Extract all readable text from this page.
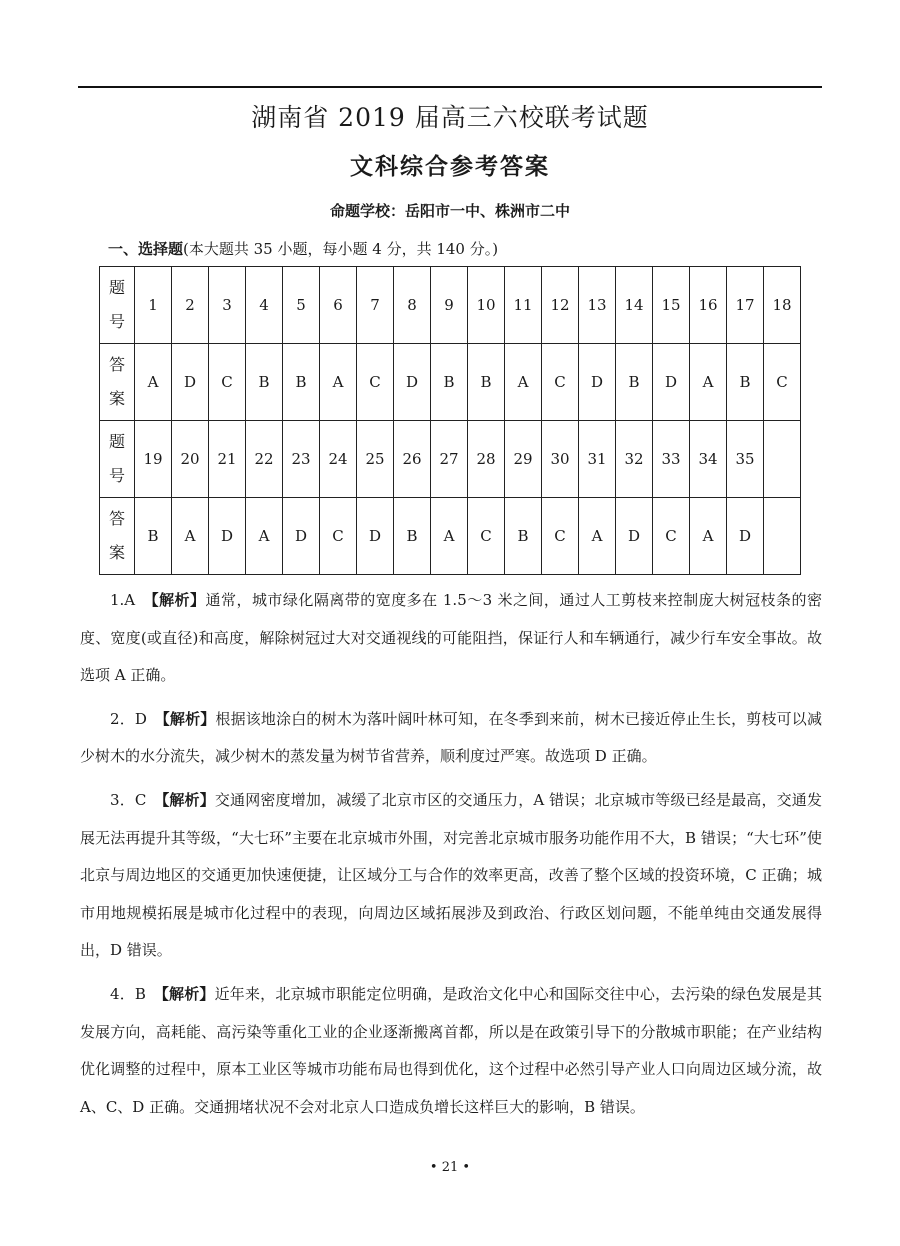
湖南省 2019 届高三六校联考试题
文科综合参考答案
命题学校：岳阳市一中、株洲市二中
一、选择题(本大题共 35 小题，每小题 4 分，共 140 分。)
题
号	1	2	3	4	5	6	7	8	9	10	11	12	13	14	15	16	17	18
答
案	A	D	C	B	B	A	C	D	B	B	A	C	D	B	D	A	B	C
题
号	19	20	21	22	23	24	25	26	27	28	29	30	31	32	33	34	35	
答
案	B	A	D	A	D	C	D	B	A	C	B	C	A	D	C	A	D	

1.A　 【解析】通常，城市绿化隔离带的宽度多在 1.5～3 米之间，通过人工剪枝来控制庞大树冠枝条的密度、宽度(或直径)和高度，解除树冠过大对交通视线的可能阻挡，保证行人和车辆通行，减少行车安全事故。故选项 A 正确。

2．D　 【解析】根据该地涂白的树木为落叶阔叶林可知，在冬季到来前，树木已接近停止生长，剪枝可以减少树木的水分流失，减少树木的蒸发量为树节省营养，顺利度过严寒。故选项 D 正确。

3．C　 【解析】交通网密度增加，减缓了北京市区的交通压力，A 错误；北京城市等级已经是最高，交通发展无法再提升其等级，“大七环”主要在北京城市外围，对完善北京城市服务功能作用不大，B 错误；“大七环”使北京与周边地区的交通更加快速便捷，让区域分工与合作的效率更高，改善了整个区域的投资环境，C 正确；城市用地规模拓展是城市化过程中的表现，向周边区域拓展涉及到政治、行政区划问题，不能单纯由交通发展得出，D 错误。

4．B　 【解析】近年来，北京城市职能定位明确，是政治文化中心和国际交往中心，去污染的绿色发展是其发展方向，高耗能、高污染等重化工业的企业逐渐搬离首都，所以是在政策引导下的分散城市职能；在产业结构优化调整的过程中，原本工业区等城市功能布局也得到优化，这个过程中必然引导产业人口向周边区域分流，故 A、C、D 正确。交通拥堵状况不会对北京人口造成负增长这样巨大的影响，B 错误。

• 21 •
